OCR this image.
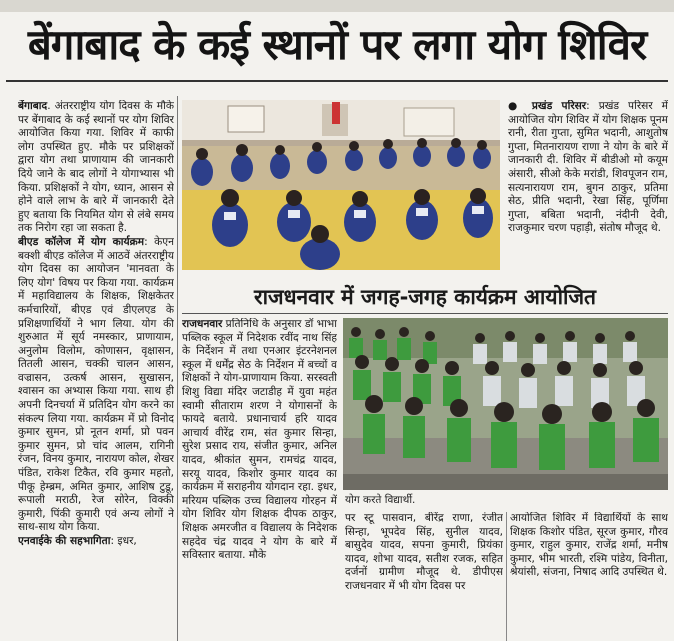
बेंगाबाद के कई स्थानों पर लगा योग शिविर

बेंगाबाद. अंतरराष्ट्रीय योग दिवस के मौके पर बेंगाबाद के कई स्थानों पर योग शिविर आयोजित किया गया. शिविर में काफी लोग उपस्थित हुए. मौके पर प्रशिक्षकों द्वारा योग तथा प्राणायाम की जानकारी दिये जाने के बाद लोगों ने योगाभ्यास भी किया. प्रशिक्षकों ने योग, ध्यान, आसन से होने वाले लाभ के बारे में जानकारी देते हुए बताया कि नियमित योग से लंबे समय तक निरोग रहा जा सकता है.

बीएड कॉलेज में योग कार्यक्रम: केएन बक्शी बीएड कॉलेज में आठवें अंतरराष्ट्रीय योग दिवस का आयोजन 'मानवता के लिए योग' विषय पर किया गया. कार्यक्रम में महाविद्यालय के शिक्षक, शिक्षकेतर कर्मचारियों, बीएड एवं डीएलएड के प्रशिक्षणार्थियों ने भाग लिया. योग की शुरुआत में सूर्य नमस्कार, प्राणायाम, अनुलोम विलोम, कोणासन, वृक्षासन, तितली आसन, चक्की चालन आसन, वज्रासन, उत्कर्ष आसन, सुखासन, श्वासन का अभ्यास किया गया. साथ ही अपनी दिनचर्या में प्रतिदिन योग करने का संकल्प लिया गया. कार्यक्रम में प्रो विनोद कुमार सुमन, प्रो नूतन शर्मा, प्रो पवन कुमार सुमन, प्रो चांद आलम, रागिनी रंजन, विनय कुमार, नारायण कोल, शेखर पंडित, राकेश टिकैत, रवि कुमार महतो, पीकू हेम्ब्रम, अमित कुमार, आशिष टुडू, रूपाली मराठी, रेज सोरेन, विक्की कुमारी, पिंकी कुमारी एवं अन्य लोगों ने साथ-साथ योग किया.

एनवाईके की सहभागिता: इधर,

● प्रखंड परिसर: प्रखंड परिसर में आयोजित योग शिविर में योग शिक्षक पूनम रानी, रीता गुप्ता, सुमित भदानी, आशुतोष गुप्ता, मितनारायण राणा ने योग के बारे में जानकारी दी. शिविर में बीडीओ मो कयूम अंसारी, सीओ केके मरांडी, शिवपूजन राम, सत्यनारायण राम, बुगन ठाकुर, प्रतिमा सेठ, प्रीति भदानी, रेखा सिंह, पूर्णिमा गुप्ता, बबिता भदानी, नंदीनी देवी, राजकुमार चरण पहाड़ी, संतोष मौजूद थे.

राजधनवार में जगह-जगह कार्यक्रम आयोजित

राजधनवार प्रतिनिधि के अनुसार डॉ भाभा पब्लिक स्कूल में निदेशक रवींद नाथ सिंह के निर्देशन में तथा एनआर इंटरनेशनल स्कूल में धर्मेंद्र सेठ के निर्देशन में बच्चों व शिक्षकों ने योग-प्राणायाम किया. सरस्वती शिशु विद्या मंदिर जटाडीह में युवा महंत स्वामी सीताराम शरण ने योगासनों के फायदे बताये. प्रधानाचार्य हरि यादव आचार्य वीरेंद्र राम, संत कुमार सिन्हा, सुरेश प्रसाद राय, संजीत कुमार, अनिल यादव, श्रीकांत सुमन, रामचंद्र यादव, सरयू यादव, किशोर कुमार यादव का कार्यक्रम में सराहनीय योगदान रहा. इधर, मरियम पब्लिक उच्च विद्यालय गोरहन में योग शिविर योग शिक्षक दीपक ठाकुर, शिक्षक अमरजीत व विद्यालय के निदेशक सहदेव चंद्र यादव ने योग के बारे में सविस्तार बताया. मौके

योग करते विद्यार्थी.

पर स्टू पासवान, बीरेंद्र राणा, रंजीत सिन्हा, भूपदेव सिंह, सुनील यादव, बासुदेव यादव, सपना कुमारी, प्रियंका यादव, शोभा यादव, सतीश रजक, सहित दर्जनों ग्रामीण मौजूद थे. डीपीएस राजधनवार में भी योग दिवस पर

आयोजित शिविर में विद्यार्थियों के साथ शिक्षक किशोर पंडित, सूरज कुमार, गौरव कुमार, राहुल कुमार, राजेंद्र शर्मा, मनीष कुमार, भीम भारती, रश्मि पांडेय, विनीता, श्रेयांसी, संजना, निषाद आदि उपस्थित थे.
